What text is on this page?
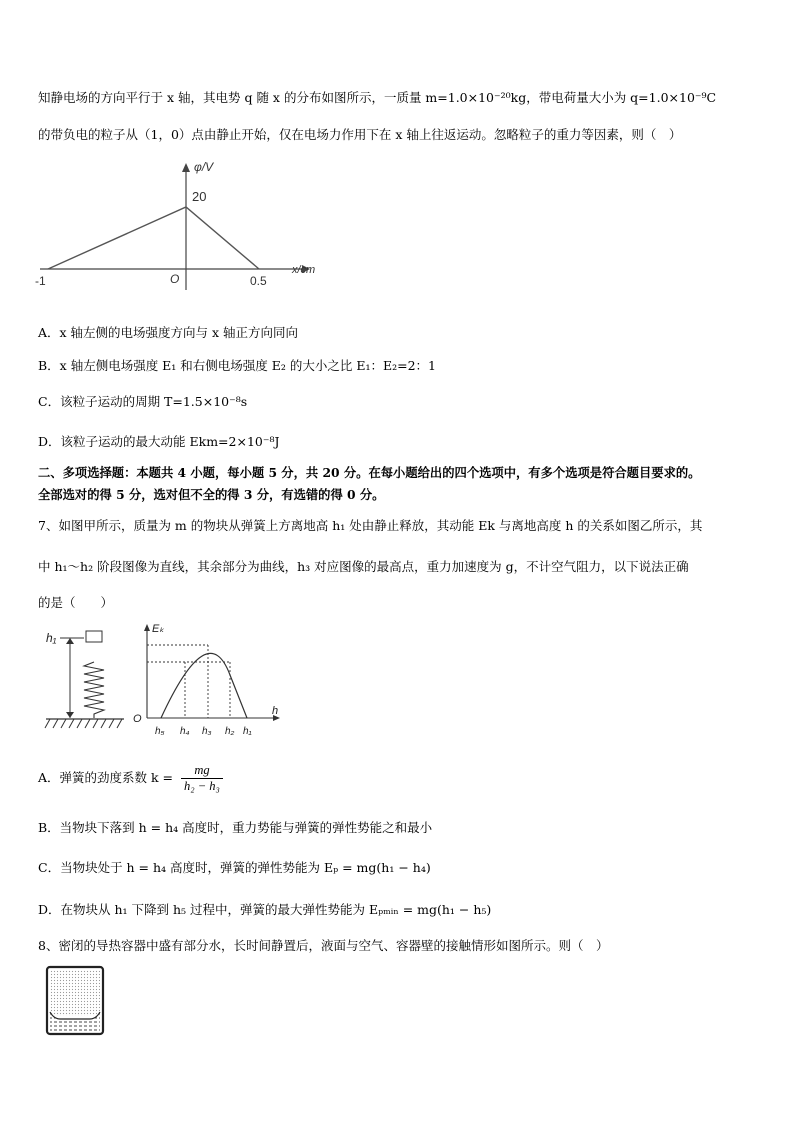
知静电场的方向平行于 x 轴，其电势 q 随 x 的分布如图所示，一质量 m=1.0×10⁻²⁰kg，带电荷量大小为 q=1.0×10⁻⁹C
的带负电的粒子从（1，0）点由静止开始，仅在电场力作用下在 x 轴上往返运动。忽略粒子的重力等因素，则（　）
φ/V
x/cm
20
O
-1	0.5
A．x 轴左侧的电场强度方向与 x 轴正方向同向
B．x 轴左侧电场强度 E₁ 和右侧电场强度 E₂ 的大小之比 E₁：E₂=2：1
C．该粒子运动的周期 T=1.5×10⁻⁸s
D．该粒子运动的最大动能 Ekm=2×10⁻⁸J
二、多项选择题：本题共 4 小题，每小题 5 分，共 20 分。在每小题给出的四个选项中，有多个选项是符合题目要求的。
全部选对的得 5 分，选对但不全的得 3 分，有选错的得 0 分。
7、如图甲所示，质量为 m 的物块从弹簧上方离地高 h₁ 处由静止释放，其动能 Ek 与离地高度 h 的关系如图乙所示，其
中 h₁～h₂ 阶段图像为直线，其余部分为曲线，h₃ 对应图像的最高点，重力加速度为 g，不计空气阻力，以下说法正确
的是（　　）
h₁
Eₖ
h
O
h₅ h₄ h₃ h₂ h₁
A．弹簧的劲度系数 $k = \frac{mg}{\text{h₂ − h₃}}$
B．当物块下落到 h = h₄ 高度时，重力势能与弹簧的弹性势能之和最小
C．当物块处于 h = h₄ 高度时，弹簧的弹性势能为 Eₚ = mg(h₁ − h₄)
D．在物块从 h₁ 下降到 h₅ 过程中，弹簧的最大弹性势能为 Eₚₘᵢₙ = mg(h₁ − h₅)
8、密闭的导热容器中盛有部分水，长时间静置后，液面与空气、容器壁的接触情形如图所示。则（　）
